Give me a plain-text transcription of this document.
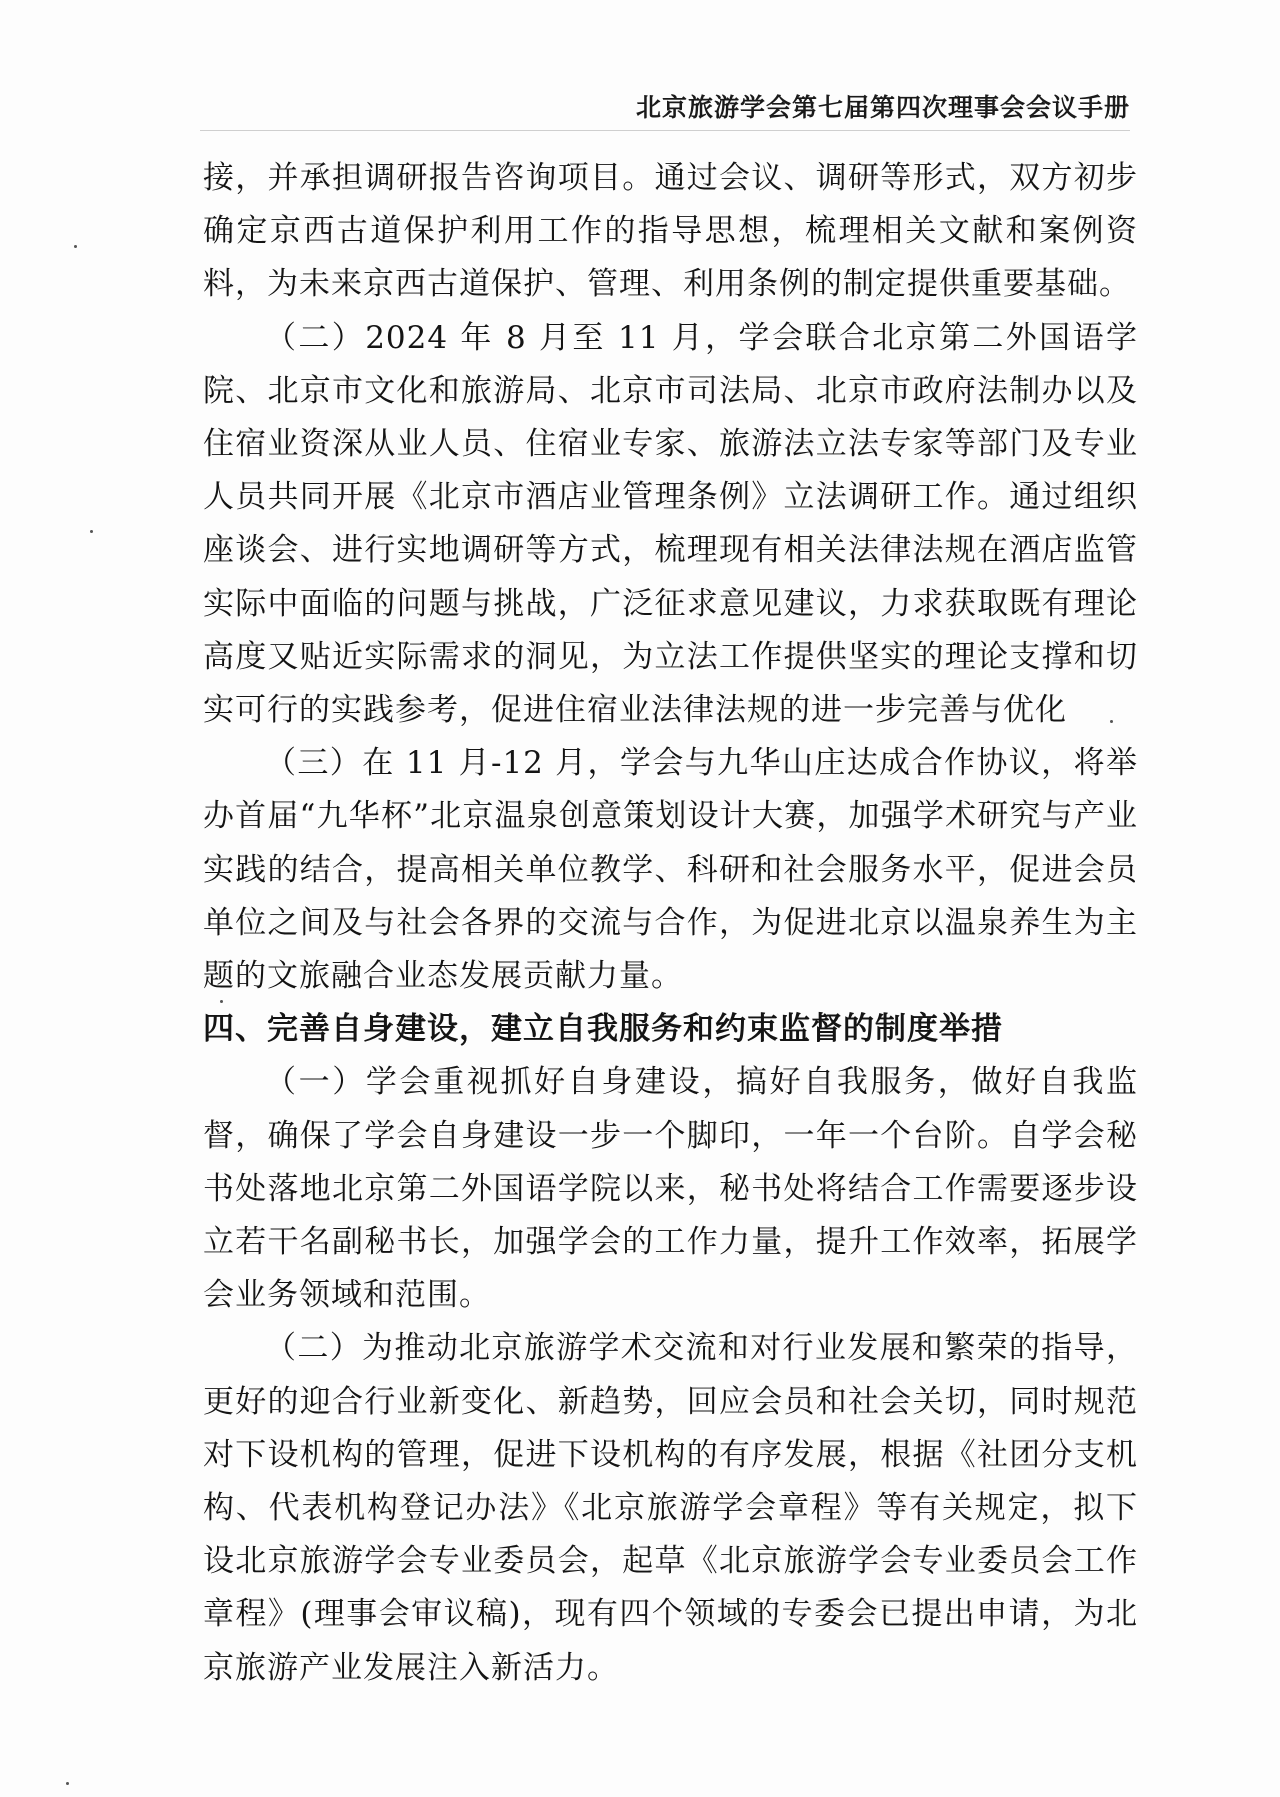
北京旅游学会第七届第四次理事会会议手册

接，并承担调研报告咨询项目。通过会议、调研等形式，双方初步确定京西古道保护利用工作的指导思想，梳理相关文献和案例资料，为未来京西古道保护、管理、利用条例的制定提供重要基础。

（二）2024 年 8 月至 11 月，学会联合北京第二外国语学院、北京市文化和旅游局、北京市司法局、北京市政府法制办以及住宿业资深从业人员、住宿业专家、旅游法立法专家等部门及专业人员共同开展《北京市酒店业管理条例》立法调研工作。通过组织座谈会、进行实地调研等方式，梳理现有相关法律法规在酒店监管实际中面临的问题与挑战，广泛征求意见建议，力求获取既有理论高度又贴近实际需求的洞见，为立法工作提供坚实的理论支撑和切实可行的实践参考，促进住宿业法律法规的进一步完善与优化

（三）在 11 月-12 月，学会与九华山庄达成合作协议，将举办首届“九华杯”北京温泉创意策划设计大赛，加强学术研究与产业实践的结合，提高相关单位教学、科研和社会服务水平，促进会员单位之间及与社会各界的交流与合作，为促进北京以温泉养生为主题的文旅融合业态发展贡献力量。

四、完善自身建设，建立自我服务和约束监督的制度举措

（一）学会重视抓好自身建设，搞好自我服务，做好自我监督，确保了学会自身建设一步一个脚印，一年一个台阶。自学会秘书处落地北京第二外国语学院以来，秘书处将结合工作需要逐步设立若干名副秘书长，加强学会的工作力量，提升工作效率，拓展学会业务领域和范围。

（二）为推动北京旅游学术交流和对行业发展和繁荣的指导，更好的迎合行业新变化、新趋势，回应会员和社会关切，同时规范对下设机构的管理，促进下设机构的有序发展，根据《社团分支机构、代表机构登记办法》《北京旅游学会章程》等有关规定，拟下设北京旅游学会专业委员会，起草《北京旅游学会专业委员会工作章程》(理事会审议稿)，现有四个领域的专委会已提出申请，为北京旅游产业发展注入新活力。
